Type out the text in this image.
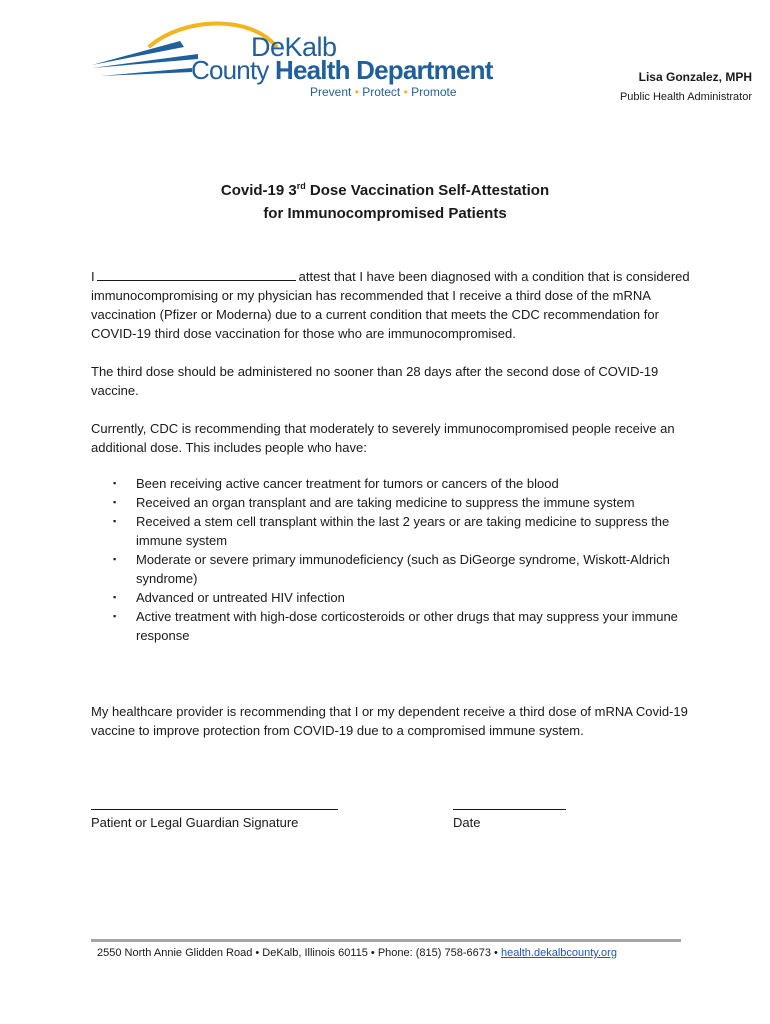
DeKalb
County Health Department
Prevent • Protect • Promote
Lisa Gonzalez, MPH
Public Health Administrator
Covid-19 3rd Dose Vaccination Self-Attestation
for Immunocompromised Patients
I	attest that I have been diagnosed with a condition that is considered immunocompromising or my physician has recommended that I receive a third dose of the mRNA vaccination (Pfizer or Moderna) due to a current condition that meets the CDC recommendation for COVID-19 third dose vaccination for those who are immunocompromised.
The third dose should be administered no sooner than 28 days after the second dose of COVID-19 vaccine.
Currently, CDC is recommending that moderately to severely immunocompromised people receive an additional dose. This includes people who have:
▪ Been receiving active cancer treatment for tumors or cancers of the blood
▪ Received an organ transplant and are taking medicine to suppress the immune system
▪ Received a stem cell transplant within the last 2 years or are taking medicine to suppress the immune system
▪ Moderate or severe primary immunodeficiency (such as DiGeorge syndrome, Wiskott-Aldrich syndrome)
▪ Advanced or untreated HIV infection
▪ Active treatment with high-dose corticosteroids or other drugs that may suppress your immune response
My healthcare provider is recommending that I or my dependent receive a third dose of mRNA Covid-19 vaccine to improve protection from COVID-19 due to a compromised immune system.
Patient or Legal Guardian Signature	Date
2550 North Annie Glidden Road • DeKalb, Illinois 60115 • Phone: (815) 758-6673 • health.dekalbcounty.org
